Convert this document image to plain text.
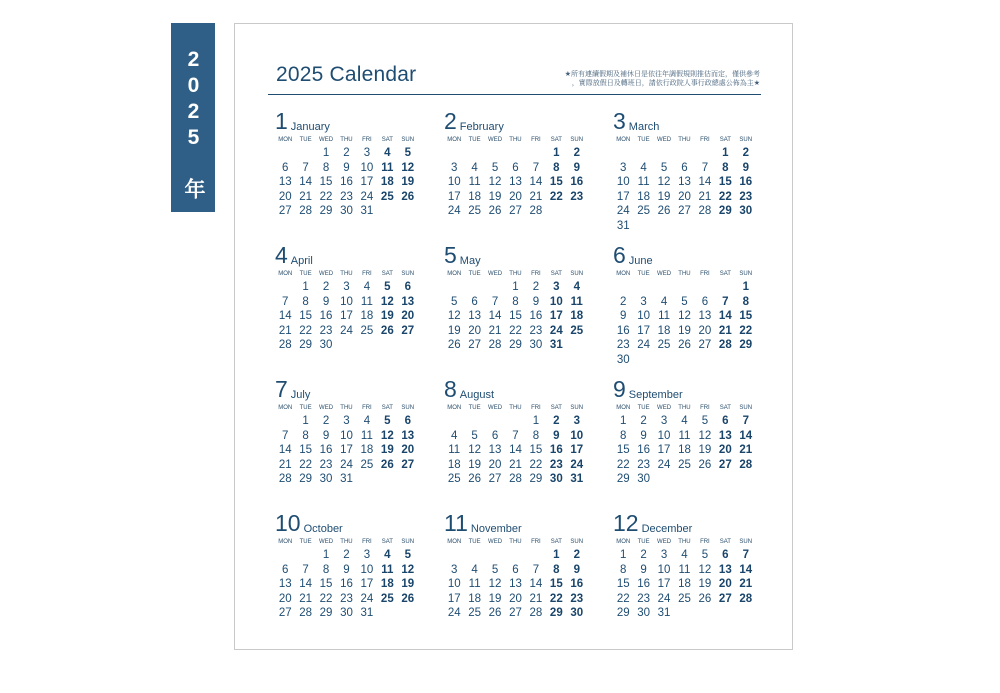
2025 年曆表
2025 Calendar	★所有連續假期及補休日是依往年調假規則推估而定，僅供參考
，實際放假日及轉班日，請依行政院人事行政總處公佈為主★
1 January
MON	TUE	WED	THU	FRI	SAT	SUN
		1	2	3	4	5
6	7	8	9	10	11	12
13	14	15	16	17	18	19
20	21	22	23	24	25	26
27	28	29	30	31		
2 February
MON	TUE	WED	THU	FRI	SAT	SUN
					1	2
3	4	5	6	7	8	9
10	11	12	13	14	15	16
17	18	19	20	21	22	23
24	25	26	27	28		
3 March
MON	TUE	WED	THU	FRI	SAT	SUN
					1	2
3	4	5	6	7	8	9
10	11	12	13	14	15	16
17	18	19	20	21	22	23
24	25	26	27	28	29	30
31						
4 April
MON	TUE	WED	THU	FRI	SAT	SUN
	1	2	3	4	5	6
7	8	9	10	11	12	13
14	15	16	17	18	19	20
21	22	23	24	25	26	27
28	29	30				
5 May
MON	TUE	WED	THU	FRI	SAT	SUN
			1	2	3	4
5	6	7	8	9	10	11
12	13	14	15	16	17	18
19	20	21	22	23	24	25
26	27	28	29	30	31	
6 June
MON	TUE	WED	THU	FRI	SAT	SUN
						1
2	3	4	5	6	7	8
9	10	11	12	13	14	15
16	17	18	19	20	21	22
23	24	25	26	27	28	29
30						
7 July
MON	TUE	WED	THU	FRI	SAT	SUN
	1	2	3	4	5	6
7	8	9	10	11	12	13
14	15	16	17	18	19	20
21	22	23	24	25	26	27
28	29	30	31			
8 August
MON	TUE	WED	THU	FRI	SAT	SUN
				1	2	3
4	5	6	7	8	9	10
11	12	13	14	15	16	17
18	19	20	21	22	23	24
25	26	27	28	29	30	31
9 September
MON	TUE	WED	THU	FRI	SAT	SUN
1	2	3	4	5	6	7
8	9	10	11	12	13	14
15	16	17	18	19	20	21
22	23	24	25	26	27	28
29	30					
10 October
MON	TUE	WED	THU	FRI	SAT	SUN
		1	2	3	4	5
6	7	8	9	10	11	12
13	14	15	16	17	18	19
20	21	22	23	24	25	26
27	28	29	30	31		
11 November
MON	TUE	WED	THU	FRI	SAT	SUN
					1	2
3	4	5	6	7	8	9
10	11	12	13	14	15	16
17	18	19	20	21	22	23
24	25	26	27	28	29	30
12 December
MON	TUE	WED	THU	FRI	SAT	SUN
1	2	3	4	5	6	7
8	9	10	11	12	13	14
15	16	17	18	19	20	21
22	23	24	25	26	27	28
29	30	31				
